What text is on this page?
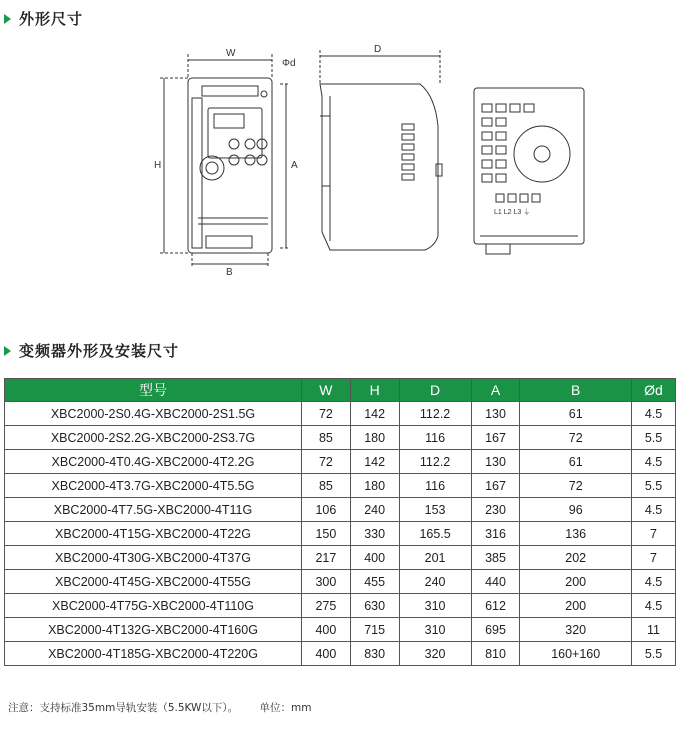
外形尺寸
W
Φd
H	A
B
D
L1 L2 L3 ⏚
变频器外形及安装尺寸
型号	W	H	D	A	B	Ød
XBC2000-2S0.4G-XBC2000-2S1.5G	72	142	112.2	130	61	4.5
XBC2000-2S2.2G-XBC2000-2S3.7G	85	180	116	167	72	5.5
XBC2000-4T0.4G-XBC2000-4T2.2G	72	142	112.2	130	61	4.5
XBC2000-4T3.7G-XBC2000-4T5.5G	85	180	116	167	72	5.5
XBC2000-4T7.5G-XBC2000-4T11G	106	240	153	230	96	4.5
XBC2000-4T15G-XBC2000-4T22G	150	330	165.5	316	136	7
XBC2000-4T30G-XBC2000-4T37G	217	400	201	385	202	7
XBC2000-4T45G-XBC2000-4T55G	300	455	240	440	200	4.5
XBC2000-4T75G-XBC2000-4T110G	275	630	310	612	200	4.5
XBC2000-4T132G-XBC2000-4T160G	400	715	310	695	320	11
XBC2000-4T185G-XBC2000-4T220G	400	830	320	810	160+160	5.5
注意：支持标准35mm导轨安装（5.5KW以下）。 单位：mm
